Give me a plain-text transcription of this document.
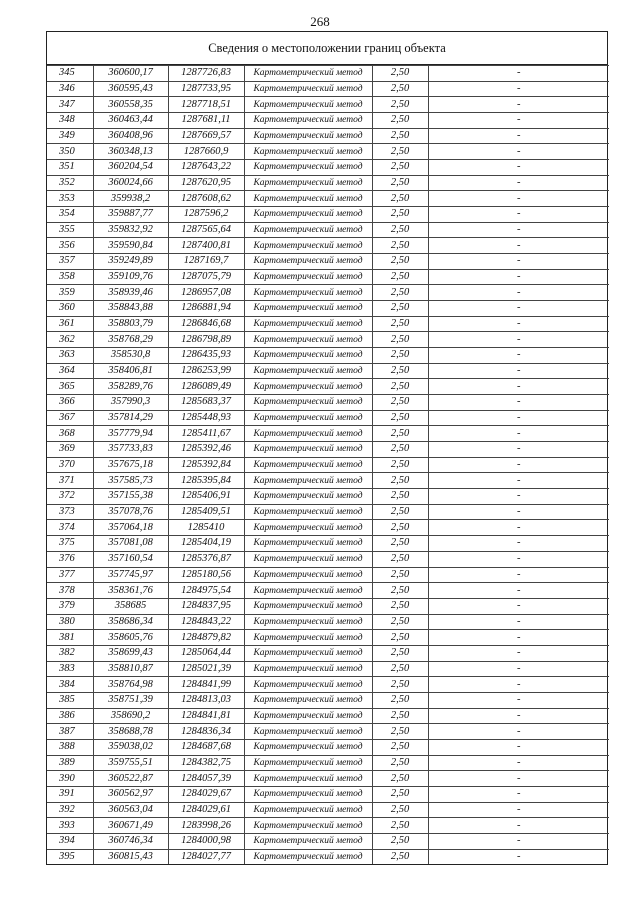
268
Сведения о местоположении границ объекта
345	360600,17	1287726,83	Картометрический метод	2,50	-
346	360595,43	1287733,95	Картометрический метод	2,50	-
347	360558,35	1287718,51	Картометрический метод	2,50	-
348	360463,44	1287681,11	Картометрический метод	2,50	-
349	360408,96	1287669,57	Картометрический метод	2,50	-
350	360348,13	1287660,9	Картометрический метод	2,50	-
351	360204,54	1287643,22	Картометрический метод	2,50	-
352	360024,66	1287620,95	Картометрический метод	2,50	-
353	359938,2	1287608,62	Картометрический метод	2,50	-
354	359887,77	1287596,2	Картометрический метод	2,50	-
355	359832,92	1287565,64	Картометрический метод	2,50	-
356	359590,84	1287400,81	Картометрический метод	2,50	-
357	359249,89	1287169,7	Картометрический метод	2,50	-
358	359109,76	1287075,79	Картометрический метод	2,50	-
359	358939,46	1286957,08	Картометрический метод	2,50	-
360	358843,88	1286881,94	Картометрический метод	2,50	-
361	358803,79	1286846,68	Картометрический метод	2,50	-
362	358768,29	1286798,89	Картометрический метод	2,50	-
363	358530,8	1286435,93	Картометрический метод	2,50	-
364	358406,81	1286253,99	Картометрический метод	2,50	-
365	358289,76	1286089,49	Картометрический метод	2,50	-
366	357990,3	1285683,37	Картометрический метод	2,50	-
367	357814,29	1285448,93	Картометрический метод	2,50	-
368	357779,94	1285411,67	Картометрический метод	2,50	-
369	357733,83	1285392,46	Картометрический метод	2,50	-
370	357675,18	1285392,84	Картометрический метод	2,50	-
371	357585,73	1285395,84	Картометрический метод	2,50	-
372	357155,38	1285406,91	Картометрический метод	2,50	-
373	357078,76	1285409,51	Картометрический метод	2,50	-
374	357064,18	1285410	Картометрический метод	2,50	-
375	357081,08	1285404,19	Картометрический метод	2,50	-
376	357160,54	1285376,87	Картометрический метод	2,50	-
377	357745,97	1285180,56	Картометрический метод	2,50	-
378	358361,76	1284975,54	Картометрический метод	2,50	-
379	358685	1284837,95	Картометрический метод	2,50	-
380	358686,34	1284843,22	Картометрический метод	2,50	-
381	358605,76	1284879,82	Картометрический метод	2,50	-
382	358699,43	1285064,44	Картометрический метод	2,50	-
383	358810,87	1285021,39	Картометрический метод	2,50	-
384	358764,98	1284841,99	Картометрический метод	2,50	-
385	358751,39	1284813,03	Картометрический метод	2,50	-
386	358690,2	1284841,81	Картометрический метод	2,50	-
387	358688,78	1284836,34	Картометрический метод	2,50	-
388	359038,02	1284687,68	Картометрический метод	2,50	-
389	359755,51	1284382,75	Картометрический метод	2,50	-
390	360522,87	1284057,39	Картометрический метод	2,50	-
391	360562,97	1284029,67	Картометрический метод	2,50	-
392	360563,04	1284029,61	Картометрический метод	2,50	-
393	360671,49	1283998,26	Картометрический метод	2,50	-
394	360746,34	1284000,98	Картометрический метод	2,50	-
395	360815,43	1284027,77	Картометрический метод	2,50	-
